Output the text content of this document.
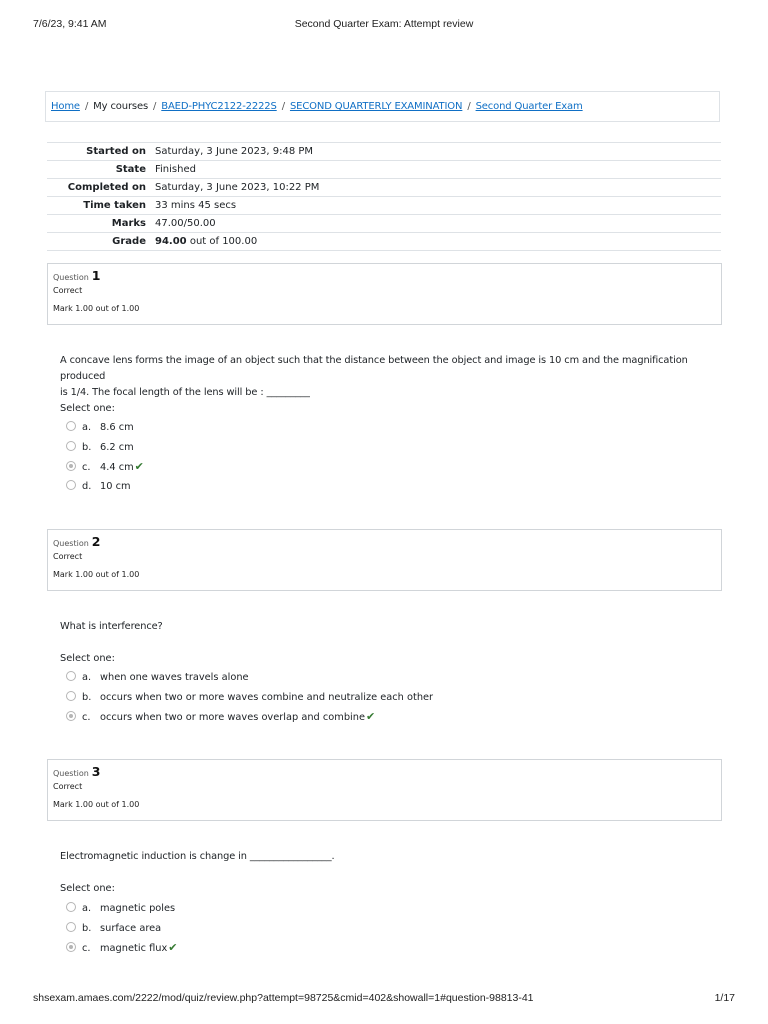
7/6/23, 9:41 AM	Second Quarter Exam: Attempt review
Home / My courses / BAED-PHYC2122-2222S / SECOND QUARTERLY EXAMINATION / Second Quarter Exam
Started on	Saturday, 3 June 2023, 9:48 PM
State	Finished
Completed on	Saturday, 3 June 2023, 10:22 PM
Time taken	33 mins 45 secs
Marks	47.00/50.00
Grade	94.00 out of 100.00
Question 1
Correct
Mark 1.00 out of 1.00
A concave lens forms the image of an object such that the distance between the object and image is 10 cm and the magnification produced
is 1/4. The focal length of the lens will be : _________
Select one:
a. 8.6 cm
b. 6.2 cm
c. 4.4 cm✔
d. 10 cm
Question 2
Correct
Mark 1.00 out of 1.00
What is interference?
Select one:
a. when one waves travels alone
b. occurs when two or more waves combine and neutralize each other
c. occurs when two or more waves overlap and combine✔
Question 3
Correct
Mark 1.00 out of 1.00
Electromagnetic induction is change in _________________.
Select one:
a. magnetic poles
b. surface area
c. magnetic flux✔
shsexam.amaes.com/2222/mod/quiz/review.php?attempt=98725&cmid=402&showall=1#question-98813-41	1/17
